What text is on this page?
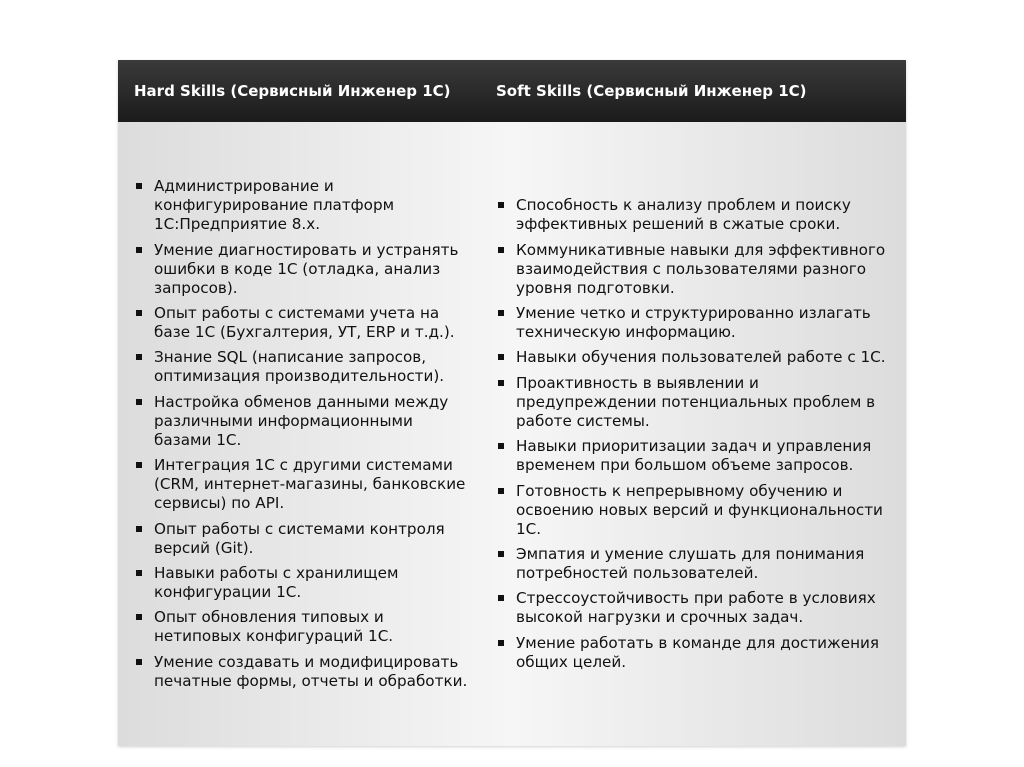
Hard Skills (Сервисный Инженер 1С)	Soft Skills (Сервисный Инженер 1С)
Администрирование и конфигурирование платформ 1С:Предприятие 8.х.
Умение диагностировать и устранять ошибки в коде 1С (отладка, анализ запросов).
Опыт работы с системами учета на базе 1С (Бухгалтерия, УТ, ERP и т.д.).
Знание SQL (написание запросов, оптимизация производительности).
Настройка обменов данными между различными информационными базами 1С.
Интеграция 1С с другими системами (CRM, интернет-магазины, банковские сервисы) по API.
Опыт работы с системами контроля версий (Git).
Навыки работы с хранилищем конфигурации 1С.
Опыт обновления типовых и нетиповых конфигураций 1С.
Умение создавать и модифицировать печатные формы, отчеты и обработки.
Способность к анализу проблем и поиску эффективных решений в сжатые сроки.
Коммуникативные навыки для эффективного взаимодействия с пользователями разного уровня подготовки.
Умение четко и структурированно излагать техническую информацию.
Навыки обучения пользователей работе с 1С.
Проактивность в выявлении и предупреждении потенциальных проблем в работе системы.
Навыки приоритизации задач и управления временем при большом объеме запросов.
Готовность к непрерывному обучению и освоению новых версий и функциональности 1С.
Эмпатия и умение слушать для понимания потребностей пользователей.
Стрессоустойчивость при работе в условиях высокой нагрузки и срочных задач.
Умение работать в команде для достижения общих целей.
